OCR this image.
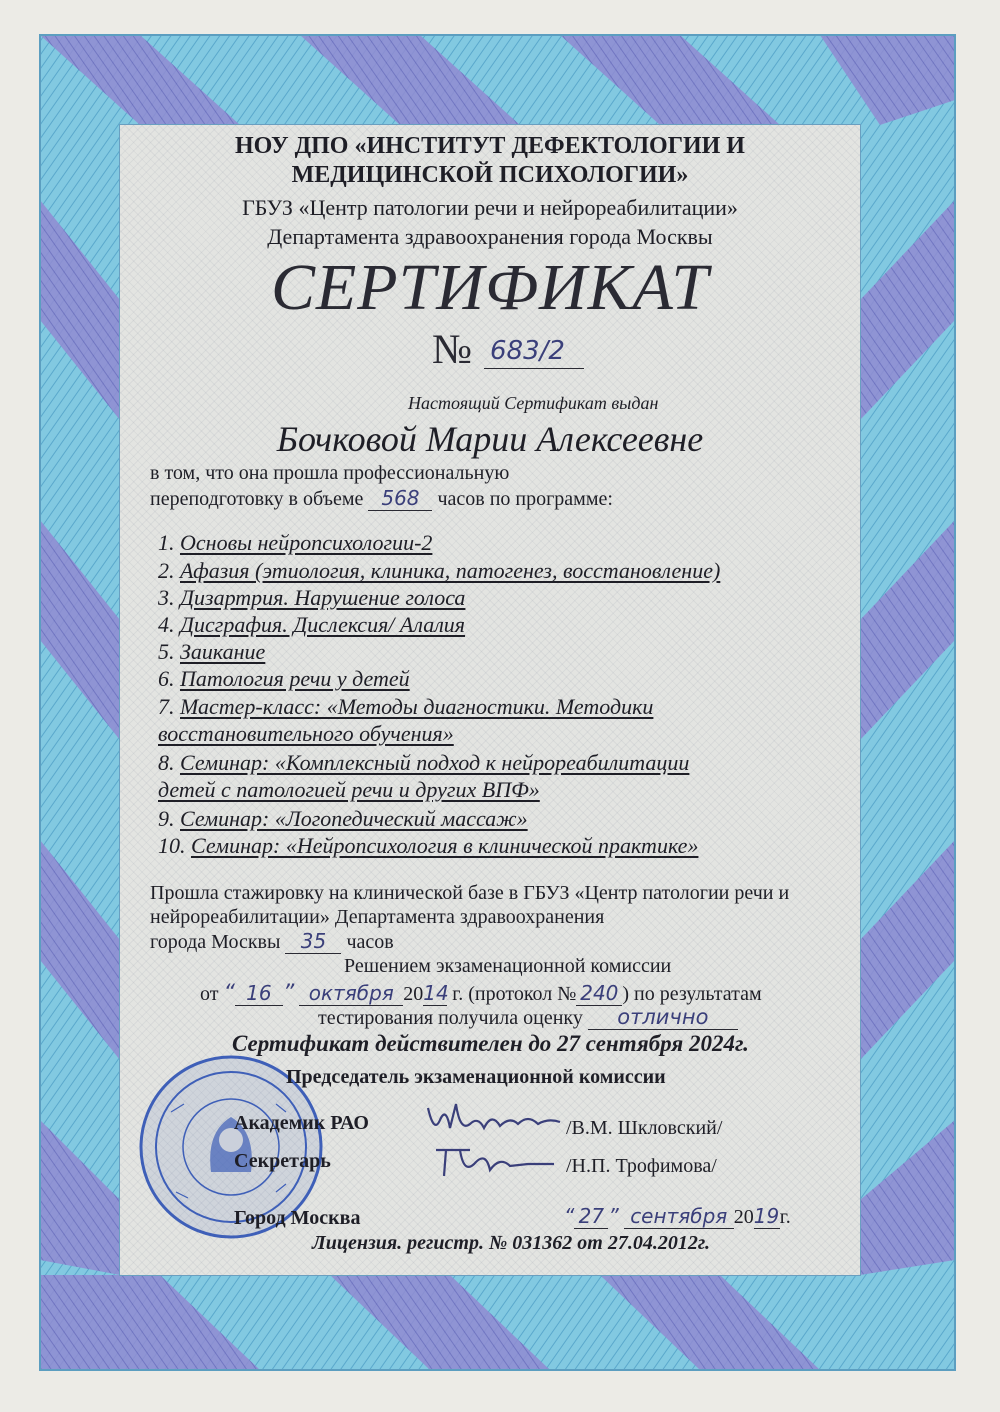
НОУ ДПО «ИНСТИТУТ ДЕФЕКТОЛОГИИ И
МЕДИЦИНСКОЙ ПСИХОЛОГИИ»
ГБУЗ «Центр патологии речи и нейрореабилитации»
Департамента здравоохранения города Москвы
СЕРТИФИКАТ
№ 683/2
Настоящий Сертификат выдан
Бочковой Марии Алексеевне
в том, что она прошла профессиональную
переподготовку в объеме 568 часов по программе:
1. Основы нейропсихологии-2
2. Афазия (этиология, клиника, патогенез, восстановление)
3. Дизартрия. Нарушение голоса
4. Дисграфия. Дислексия/ Алалия
5. Заикание
6. Патология речи у детей
7. Мастер-класс: «Методы диагностики. Методики
восстановительного обучения»
8. Семинар: «Комплексный подход к нейрореабилитации
детей с патологией речи и других ВПФ»
9. Семинар: «Логопедический массаж»
10. Семинар: «Нейропсихология в клинической практике»
Прошла стажировку на клинической базе в ГБУЗ «Центр патологии речи и
нейрореабилитации» Департамента здравоохранения
города Москвы 35 часов
Решением экзаменационной комиссии
от “ 16 ” октября 2014 г. (протокол № 240 ) по результатам
тестирования получила оценку отлично
Сертификат действителен до 27 сентября 2024г.
Председатель экзаменационной комиссии
Академик РАО	/В.М. Шкловский/
Секретарь	/Н.П. Трофимова/
Город Москва	“ 27 ” сентября 2019г.
Лицензия. регистр. № 031362 от 27.04.2012г.
